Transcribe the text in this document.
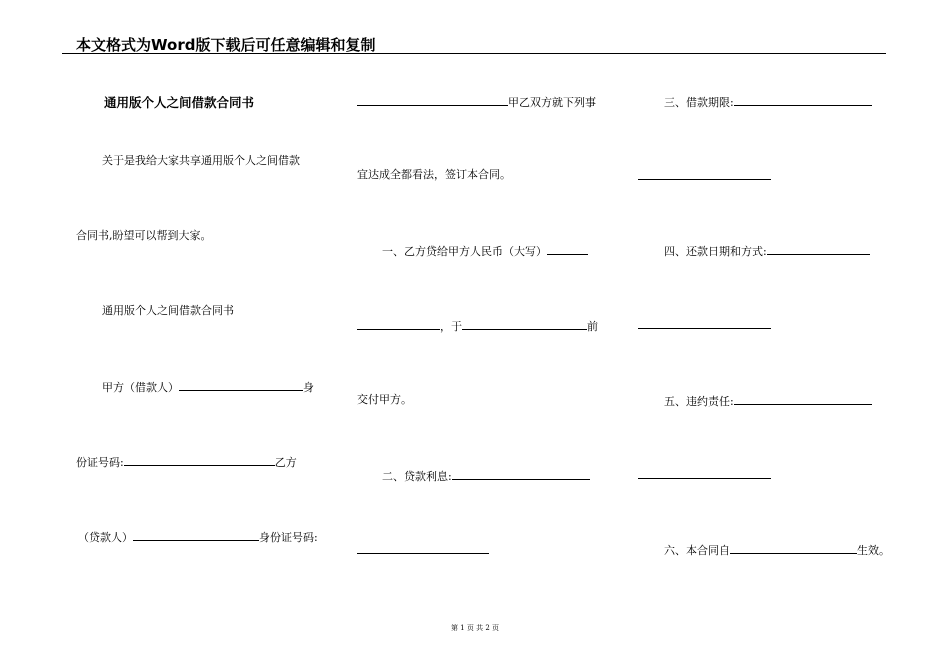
本文格式为Word版下载后可任意编辑和复制
通用版个人之间借款合同书
关于是我给大家共享通用版个人之间借款
合同书,盼望可以帮到大家。
通用版个人之间借款合同书
甲方（借款人）	身
份证号码:	乙方
（贷款人）	身份证号码:
甲乙双方就下列事
宜达成全都看法，签订本合同。
一、乙方贷给甲方人民币（大写）
，于	前
交付甲方。
二、贷款利息:
三、借款期限:
四、还款日期和方式:
五、违约责任:
六、本合同自	生效。
第 1 页 共 2 页
